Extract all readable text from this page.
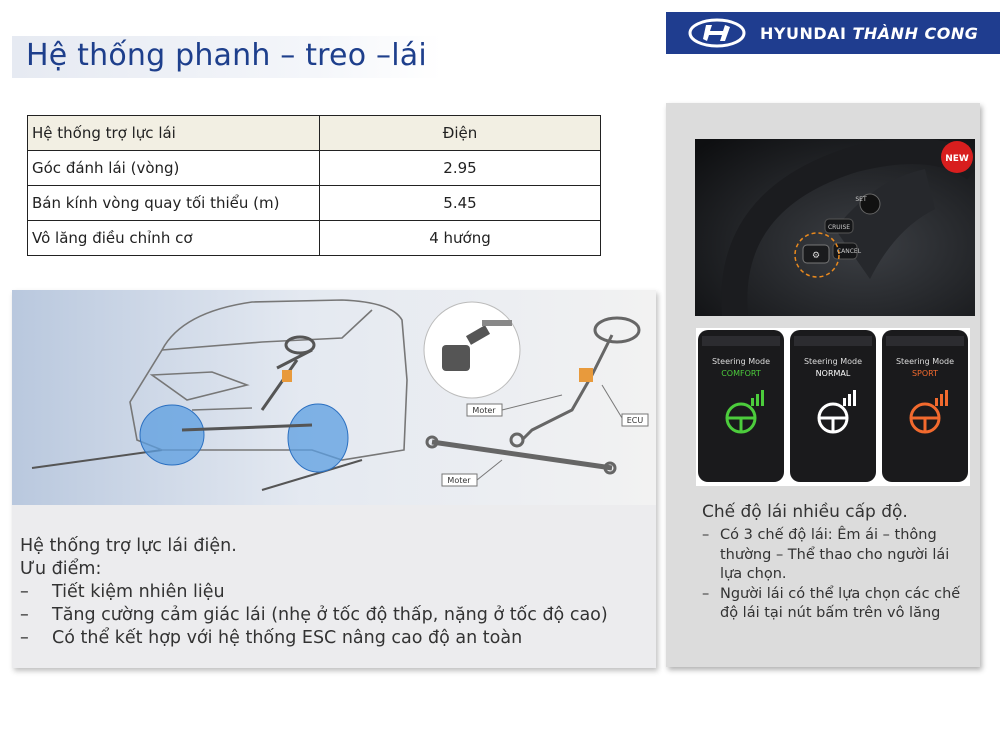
Hệ thống phanh – treo –lái
HYUNDAI THÀNH CONG
Hệ thống trợ lực lái	Điện
Góc đánh lái (vòng)	2.95
Bán kính vòng quay tối thiểu (m)	5.45
Vô lăng điều chỉnh cơ	4 hướng
Moter
Moter
ECU
Hệ thống trợ lực lái điện.
Ưu điểm:
–	Tiết kiệm nhiên liệu
–	Tăng cường cảm giác lái (nhẹ ở tốc độ thấp, nặng ở tốc độ cao)
–	Có thể kết hợp với hệ thống ESC nâng cao độ an toàn
CRUISE
SET
⚙	CANCEL
NEW
Steering Mode
COMFORT
Steering Mode
NORMAL
Steering Mode
SPORT
Chế độ lái nhiều cấp độ.
– Có 3 chế độ lái: Êm ái – thông thường – Thể thao cho người lái lựa chọn.
– Người lái có thể lựa chọn các chế độ lái tại nút bấm trên vô lăng
